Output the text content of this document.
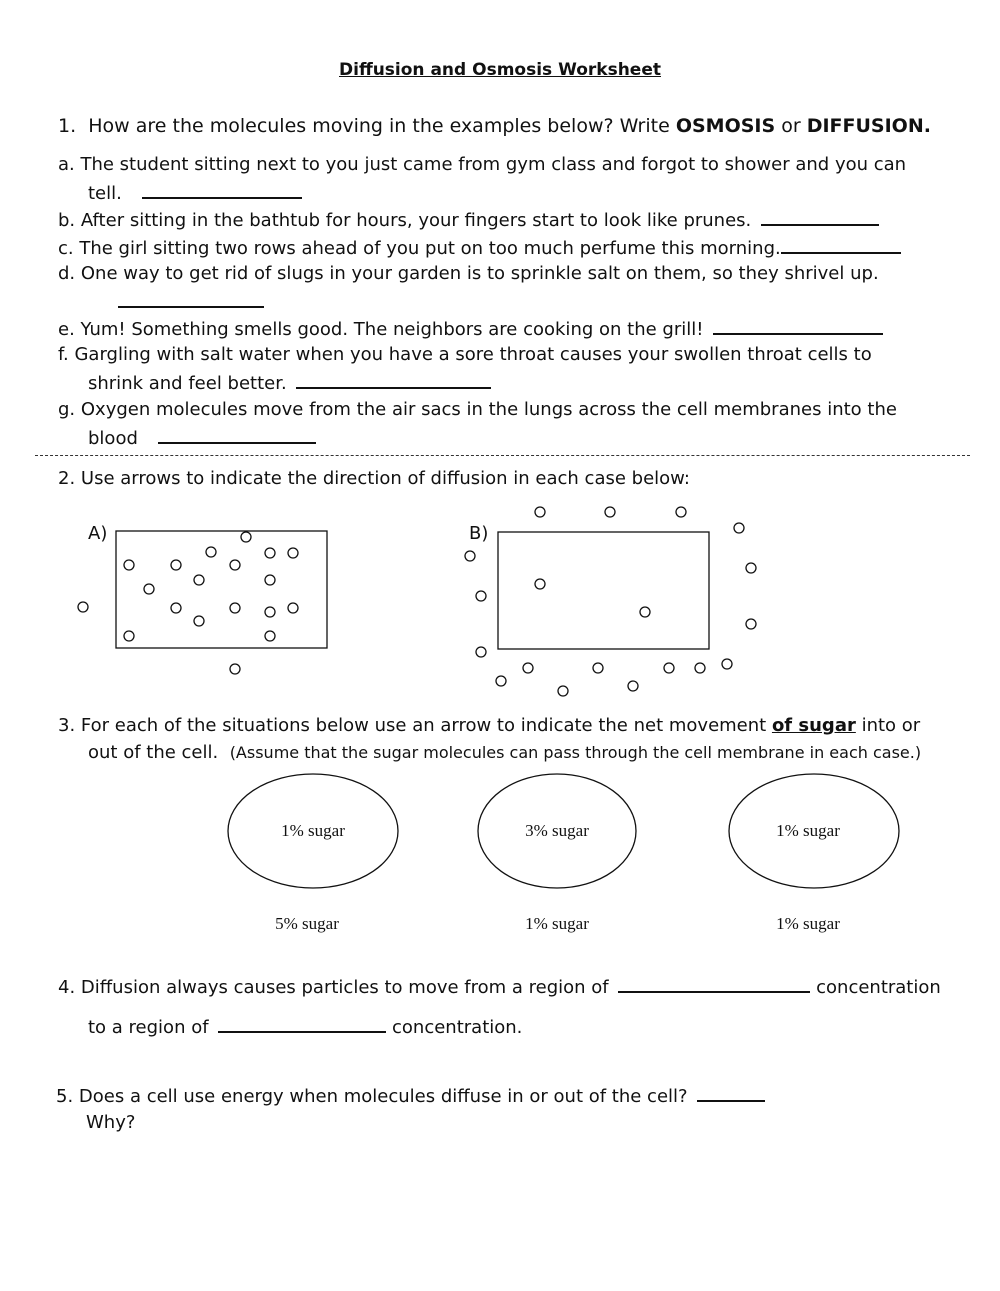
Diffusion and Osmosis Worksheet
1. How are the molecules moving in the examples below? Write OSMOSIS or DIFFUSION.
a. The student sitting next to you just came from gym class and forgot to shower and you can
tell.
b. After sitting in the bathtub for hours, your fingers start to look like prunes.
c. The girl sitting two rows ahead of you put on too much perfume this morning.
d. One way to get rid of slugs in your garden is to sprinkle salt on them, so they shrivel up.
e. Yum! Something smells good. The neighbors are cooking on the grill!
f. Gargling with salt water when you have a sore throat causes your swollen throat cells to
shrink and feel better.
g. Oxygen molecules move from the air sacs in the lungs across the cell membranes into the
blood
2. Use arrows to indicate the direction of diffusion in each case below:
A)	B)
3. For each of the situations below use an arrow to indicate the net movement of sugar into or
out of the cell. (Assume that the sugar molecules can pass through the cell membrane in each case.)
1% sugar	3% sugar	1% sugar
5% sugar	1% sugar	1% sugar
4. Diffusion always causes particles to move from a region of	concentration
to a region of	concentration.
5. Does a cell use energy when molecules diffuse in or out of the cell?
Why?
